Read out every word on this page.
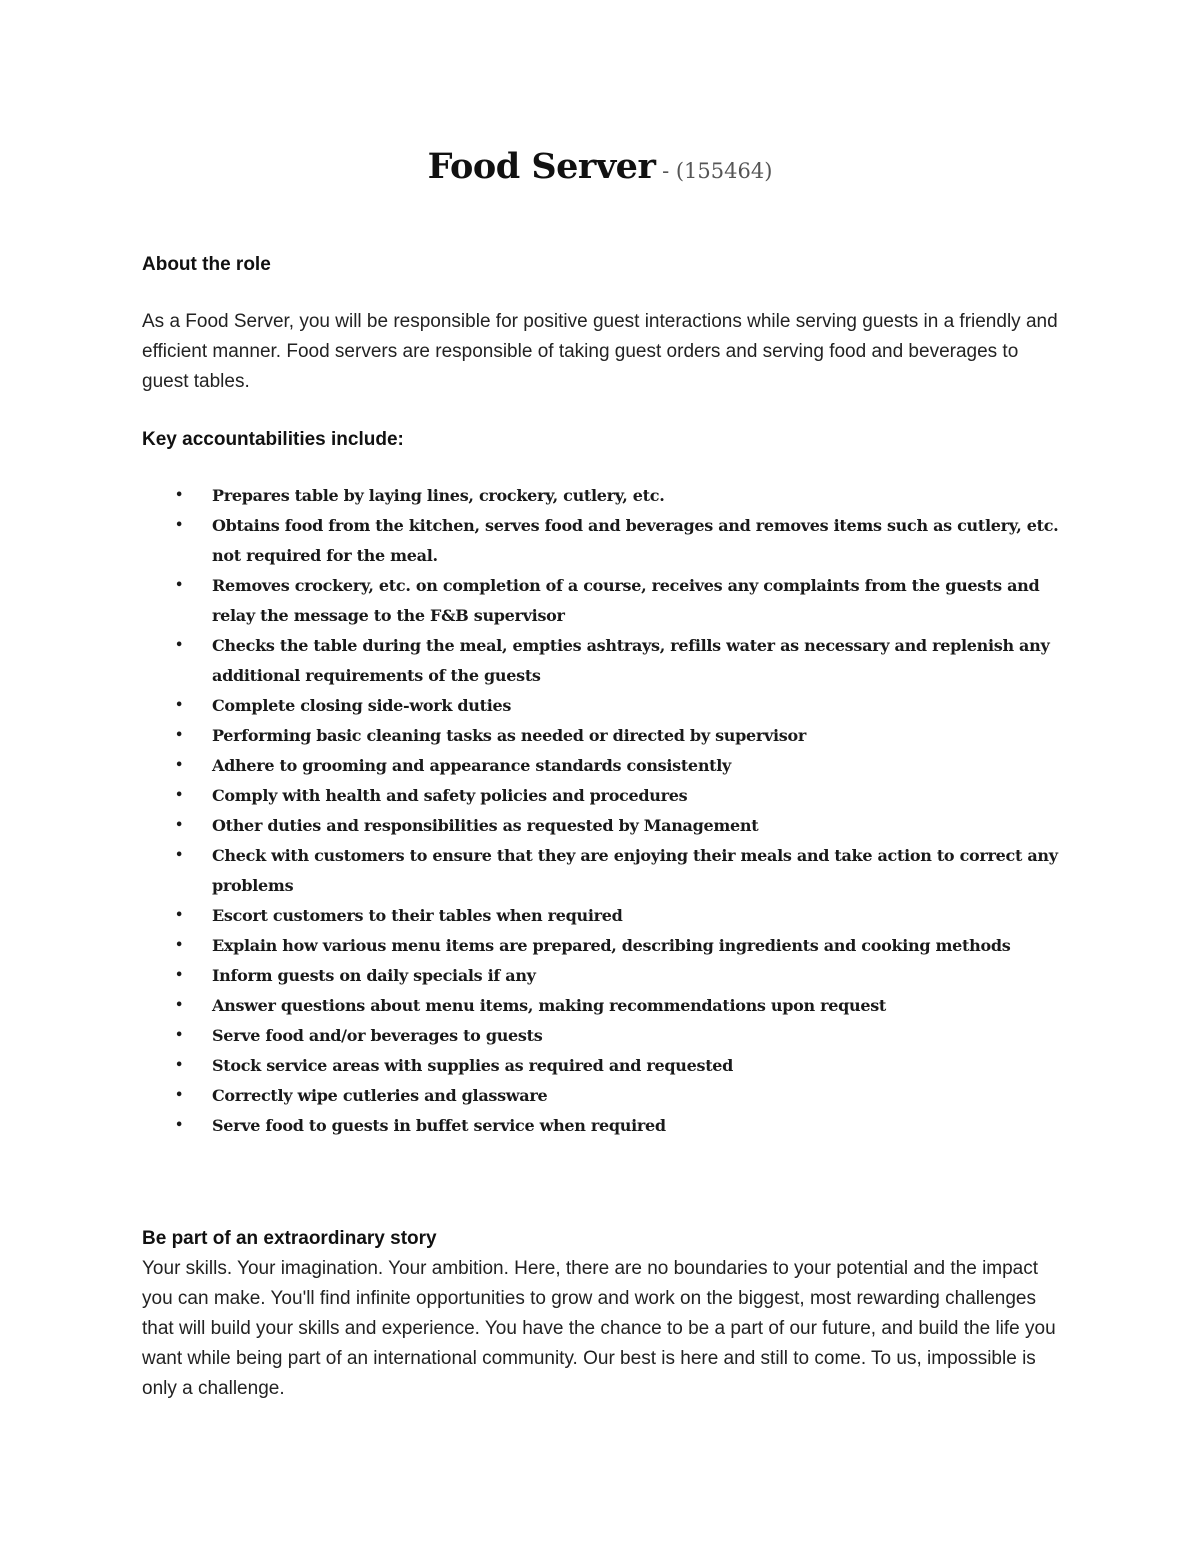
Food Server - (155464)
About the role
As a Food Server, you will be responsible for positive guest interactions while serving guests in a friendly and efficient manner. Food servers are responsible of taking guest orders and serving food and beverages to guest tables.
Key accountabilities include:
• Prepares table by laying lines, crockery, cutlery, etc.
• Obtains food from the kitchen, serves food and beverages and removes items such as cutlery, etc. not required for the meal.
• Removes crockery, etc. on completion of a course, receives any complaints from the guests and relay the message to the F&B supervisor
• Checks the table during the meal, empties ashtrays, refills water as necessary and replenish any additional requirements of the guests
• Complete closing side-work duties
• Performing basic cleaning tasks as needed or directed by supervisor
• Adhere to grooming and appearance standards consistently
• Comply with health and safety policies and procedures
• Other duties and responsibilities as requested by Management
• Check with customers to ensure that they are enjoying their meals and take action to correct any problems
• Escort customers to their tables when required
• Explain how various menu items are prepared, describing ingredients and cooking methods
• Inform guests on daily specials if any
• Answer questions about menu items, making recommendations upon request
• Serve food and/or beverages to guests
• Stock service areas with supplies as required and requested
• Correctly wipe cutleries and glassware
• Serve food to guests in buffet service when required
Be part of an extraordinary story
Your skills. Your imagination. Your ambition. Here, there are no boundaries to your potential and the impact you can make. You'll find infinite opportunities to grow and work on the biggest, most rewarding challenges that will build your skills and experience. You have the chance to be a part of our future, and build the life you want while being part of an international community. Our best is here and still to come. To us, impossible is only a challenge.
